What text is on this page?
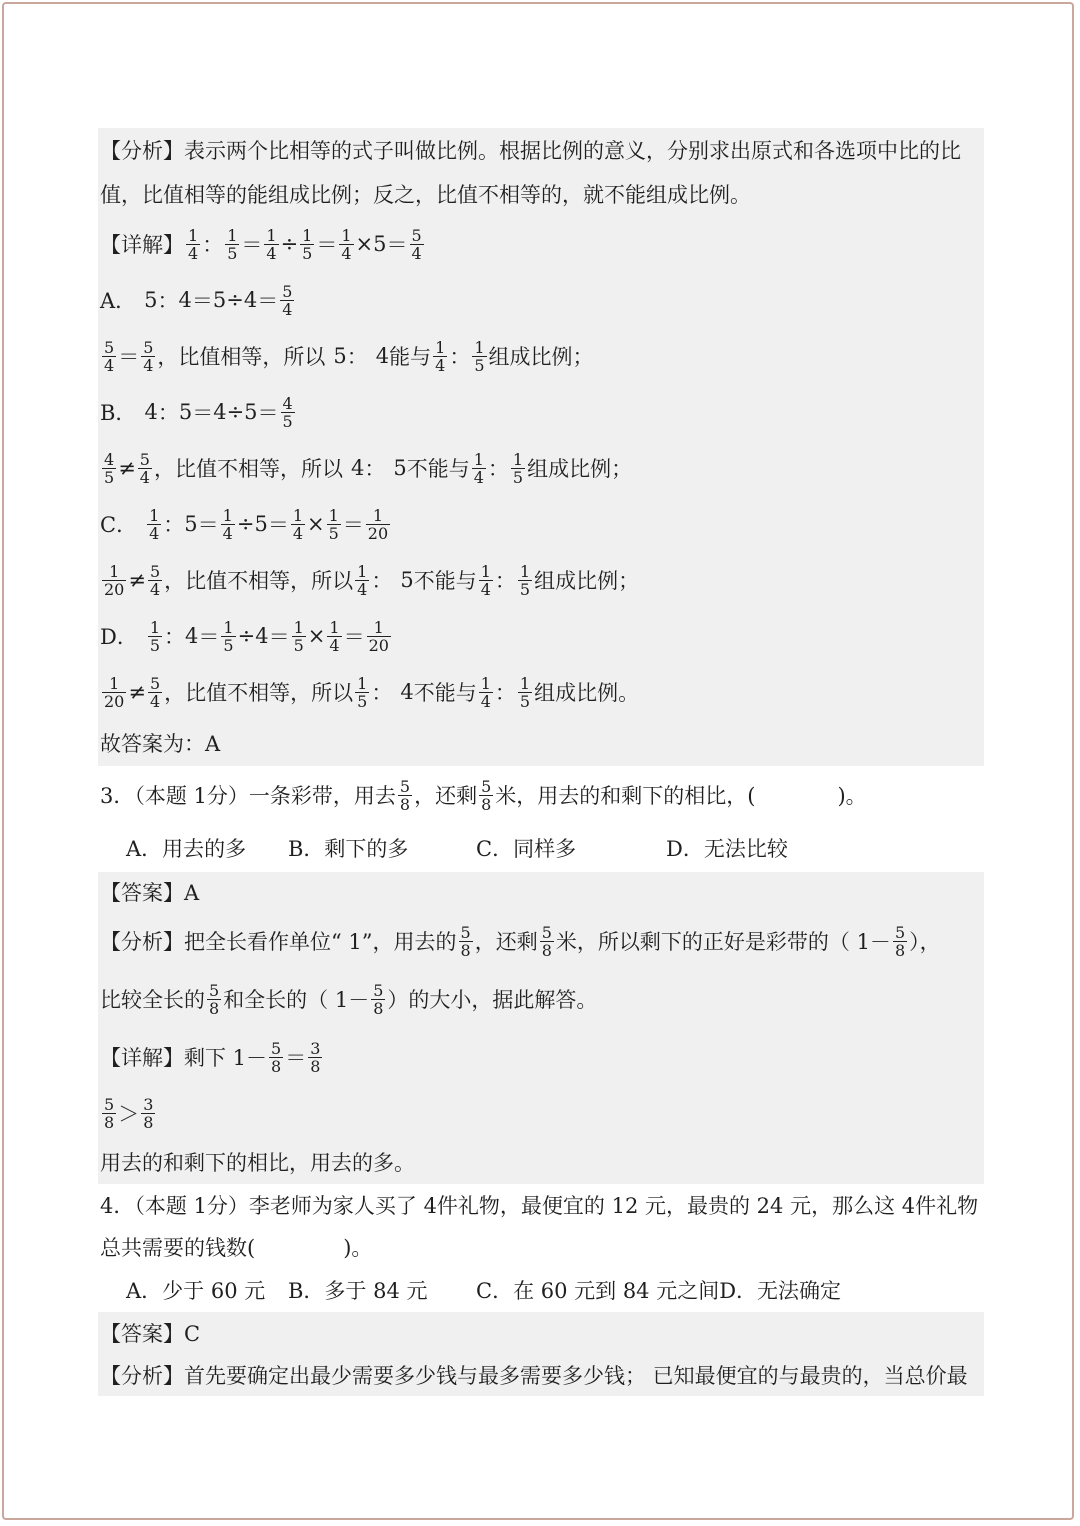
【分析】 表示两个比相等的式子叫做比例。根据比例的意义，分别求出原式和各选项中比的比
值，比值相等的能组成比例；反之，比值不相等的，就不能组成比例。
【详解】 $\frac{1}{4}$ ： $\frac{1}{5} = \frac{1}{4} \div \frac{1}{5} = \frac{1}{4} \times 5 = \frac{5}{4}$
A． 5 ： $4 = 5 \div 4 = \frac{5}{4}$
$\frac{5}{4} = \frac{5}{4}$ ， 比值相等，所以 5 ： 4 能与 $\frac{1}{4}$ ： $\frac{1}{5}$ 组成比例；
B． 4 ： $5 = 4 \div 5 = \frac{4}{5}$
$\frac{4}{5} \ne \frac{5}{4}$ ， 比值不相等，所以 4 ： 5 不能与 $\frac{1}{4}$ ： $\frac{1}{5}$ 组成比例；
C． $\frac{1}{4}$ ： $5 = \frac{1}{4} \div 5 = \frac{1}{4} \times \frac{1}{5} = \frac{1}{20}$
$\frac{1}{20} \ne \frac{5}{4}$ ， 比值不相等，所以 $\frac{1}{4}$ ： 5 不能与 $\frac{1}{4}$ ： $\frac{1}{5}$ 组成比例；
D． $\frac{1}{5}$ ： $4 = \frac{1}{5} \div 4 = \frac{1}{5} \times \frac{1}{4} = \frac{1}{20}$
$\frac{1}{20} \ne \frac{5}{4}$ ， 比值不相等，所以 $\frac{1}{5}$ ： 4 不能与 $\frac{1}{4}$ ： $\frac{1}{5}$ 组成比例。
故答案为：A
3．（本题 1分）一条彩带，用去 $\frac{5}{8}$ ，还剩 $\frac{5}{8}$ 米，用去的和剩下的相比，(	)。
A．用去的多	B．剩下的多	C．同样多	D．无法比较
【答案】A
【分析】把全长看作单位“ 1”，用去的 $\frac{5}{8}$ ，还剩 $\frac{5}{8}$ 米，所以剩下的正好是彩带的（ $1- \frac{5}{8}$ ），
比较全长的 $\frac{5}{8}$ 和全长的（ $1- \frac{5}{8}$ ）的大小，据此解答。
【详解】剩下 $1- \frac{5}{8} = \frac{3}{8}$
$\frac{5}{8} > \frac{3}{8}$
用去的和剩下的相比，用去的多。
4．（本题 1分）李老师为家人买了 4件礼物，最便宜的 12 元，最贵的 24 元，那么这 4件礼物
总共需要的钱数(	)。
A．少于 60 元	B．多于 84 元	C．在 60 元到 84 元之间 D．无法确定
【答案】C
【分析】首先要确定出最少需要多少钱与最多需要多少钱； 已知最便宜的与最贵的，当总价最
